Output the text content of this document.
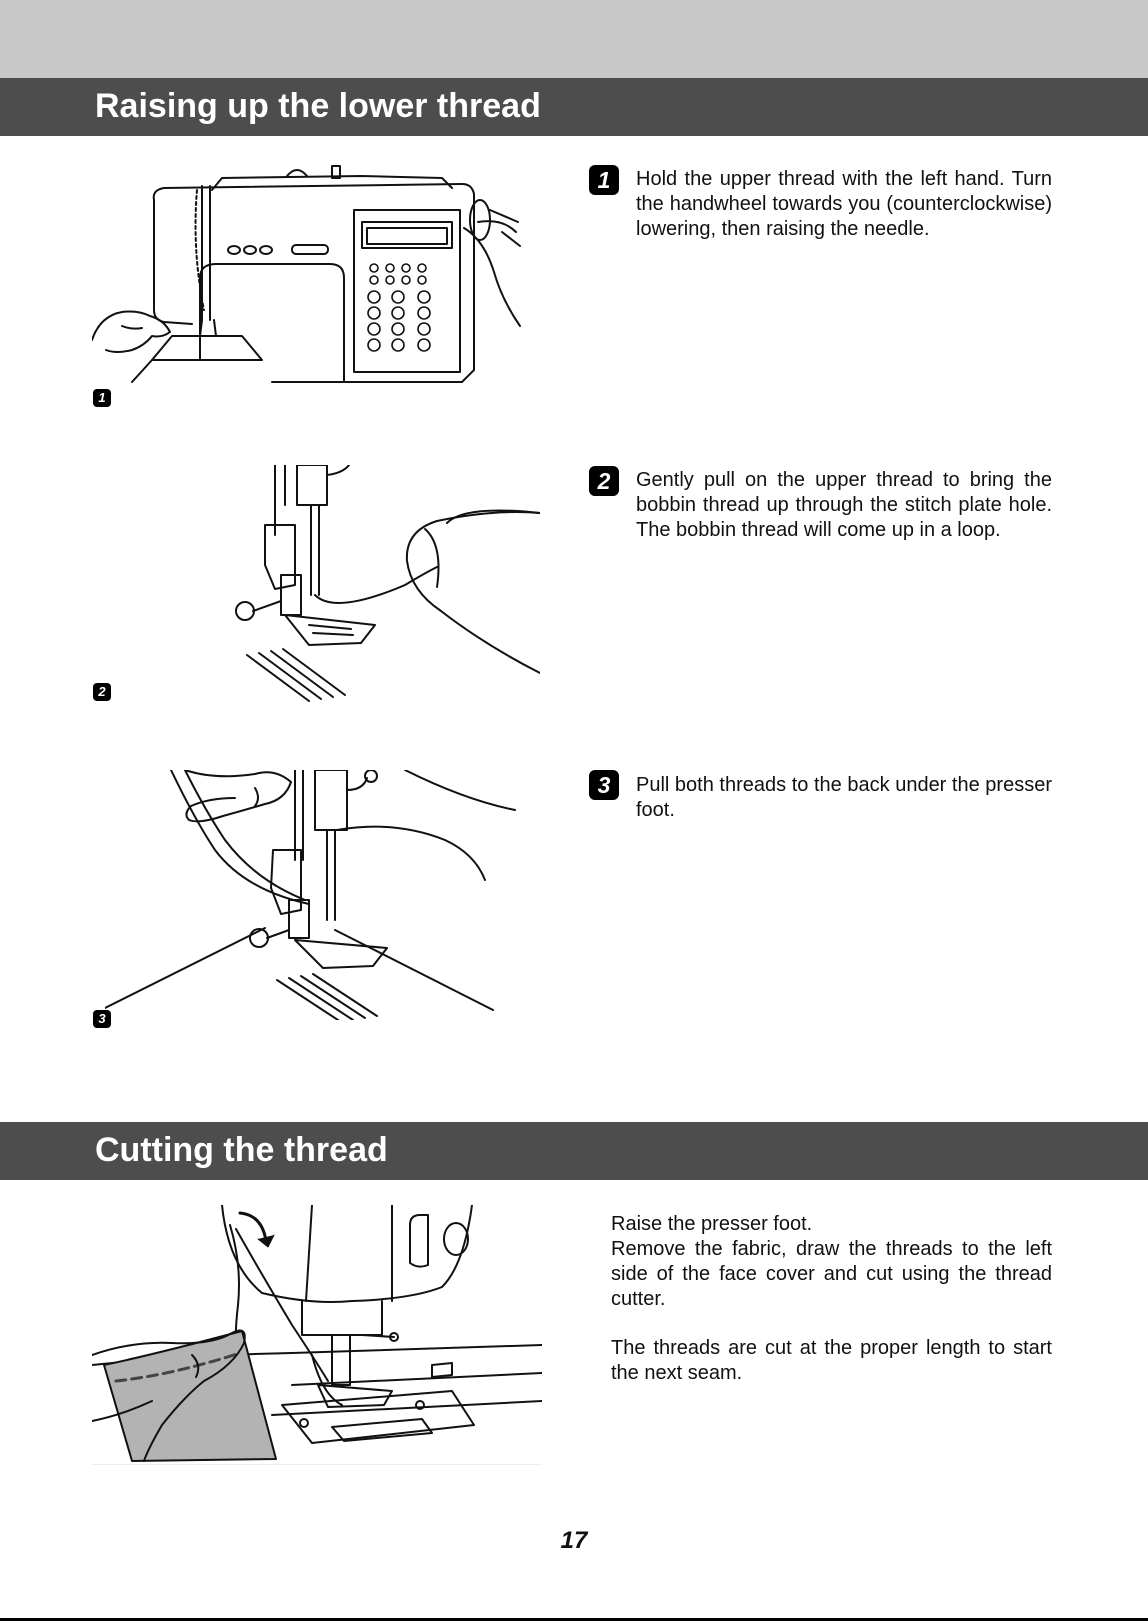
Raising up the lower thread
1
1	Hold the upper thread with the left hand. Turn the handwheel towards you (counterclockwise) lowering, then raising the needle.

2
2	Gently pull on the upper thread to bring the bobbin thread up through the stitch plate hole. The bobbin thread will come up in a loop.

3
3	Pull both threads to the back under the presser foot.

Cutting the thread

Raise the presser foot.
Remove the fabric, draw the threads to the left side of the face cover and cut using the thread cutter.

The threads are cut at the proper length to start the next seam.

17
